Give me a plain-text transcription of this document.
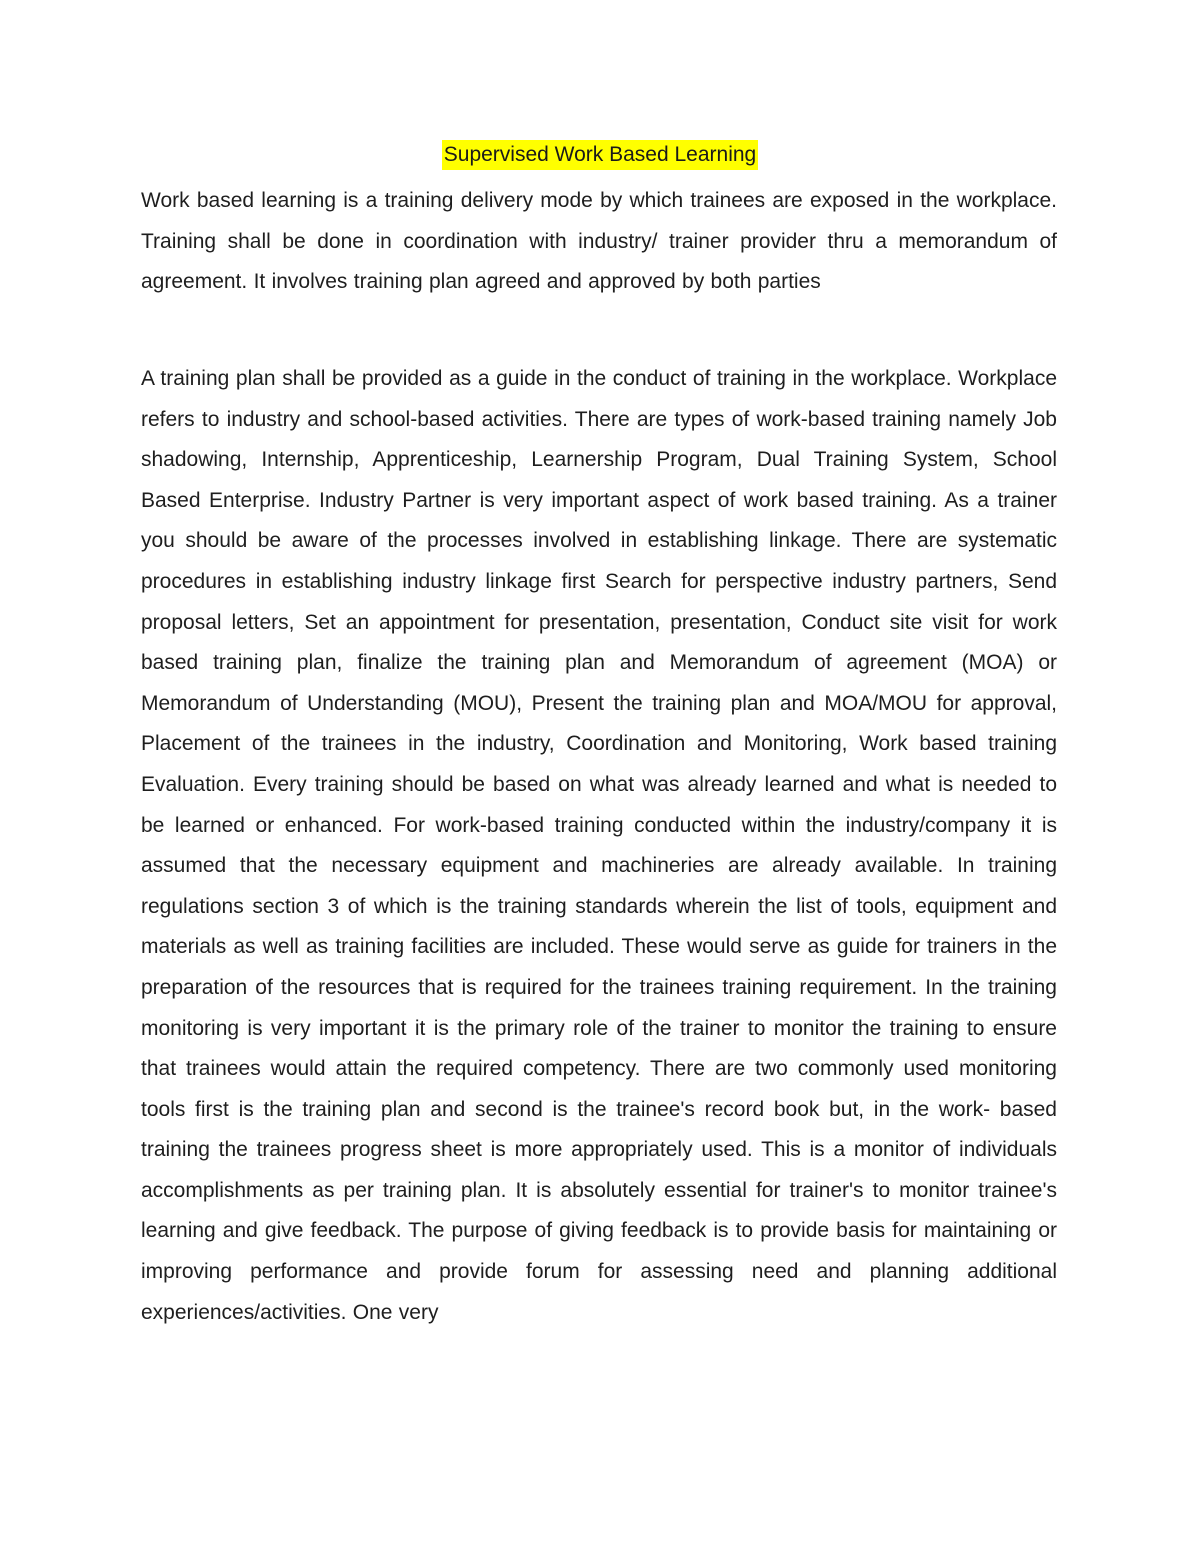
Supervised Work Based Learning

Work based learning is a training delivery mode by which trainees are exposed in the workplace. Training shall be done in coordination with industry/ trainer provider thru a memorandum of agreement. It involves training plan agreed and approved by both parties

A training plan shall be provided as a guide in the conduct of training in the workplace. Workplace refers to industry and school-based activities. There are types of work-based training namely Job shadowing, Internship, Apprenticeship, Learnership Program, Dual Training System, School Based Enterprise. Industry Partner is very important aspect of work based training. As a trainer you should be aware of the processes involved in establishing linkage. There are systematic procedures in establishing industry linkage first Search for perspective industry partners, Send proposal letters, Set an appointment for presentation, presentation, Conduct site visit for work based training plan, finalize the training plan and Memorandum of agreement (MOA) or Memorandum of Understanding (MOU), Present the training plan and MOA/MOU for approval, Placement of the trainees in the industry, Coordination and Monitoring, Work based training Evaluation. Every training should be based on what was already learned and what is needed to be learned or enhanced. For work-based training conducted within the industry/company it is assumed that the necessary equipment and machineries are already available. In training regulations section 3 of which is the training standards wherein the list of tools, equipment and materials as well as training facilities are included. These would serve as guide for trainers in the preparation of the resources that is required for the trainees training requirement. In the training monitoring is very important it is the primary role of the trainer to monitor the training to ensure that trainees would attain the required competency. There are two commonly used monitoring tools first is the training plan and second is the trainee's record book but, in the work- based training the trainees progress sheet is more appropriately used. This is a monitor of individuals accomplishments as per training plan. It is absolutely essential for trainer's to monitor trainee's learning and give feedback. The purpose of giving feedback is to provide basis for maintaining or improving performance and provide forum for assessing need and planning additional experiences/activities. One very
